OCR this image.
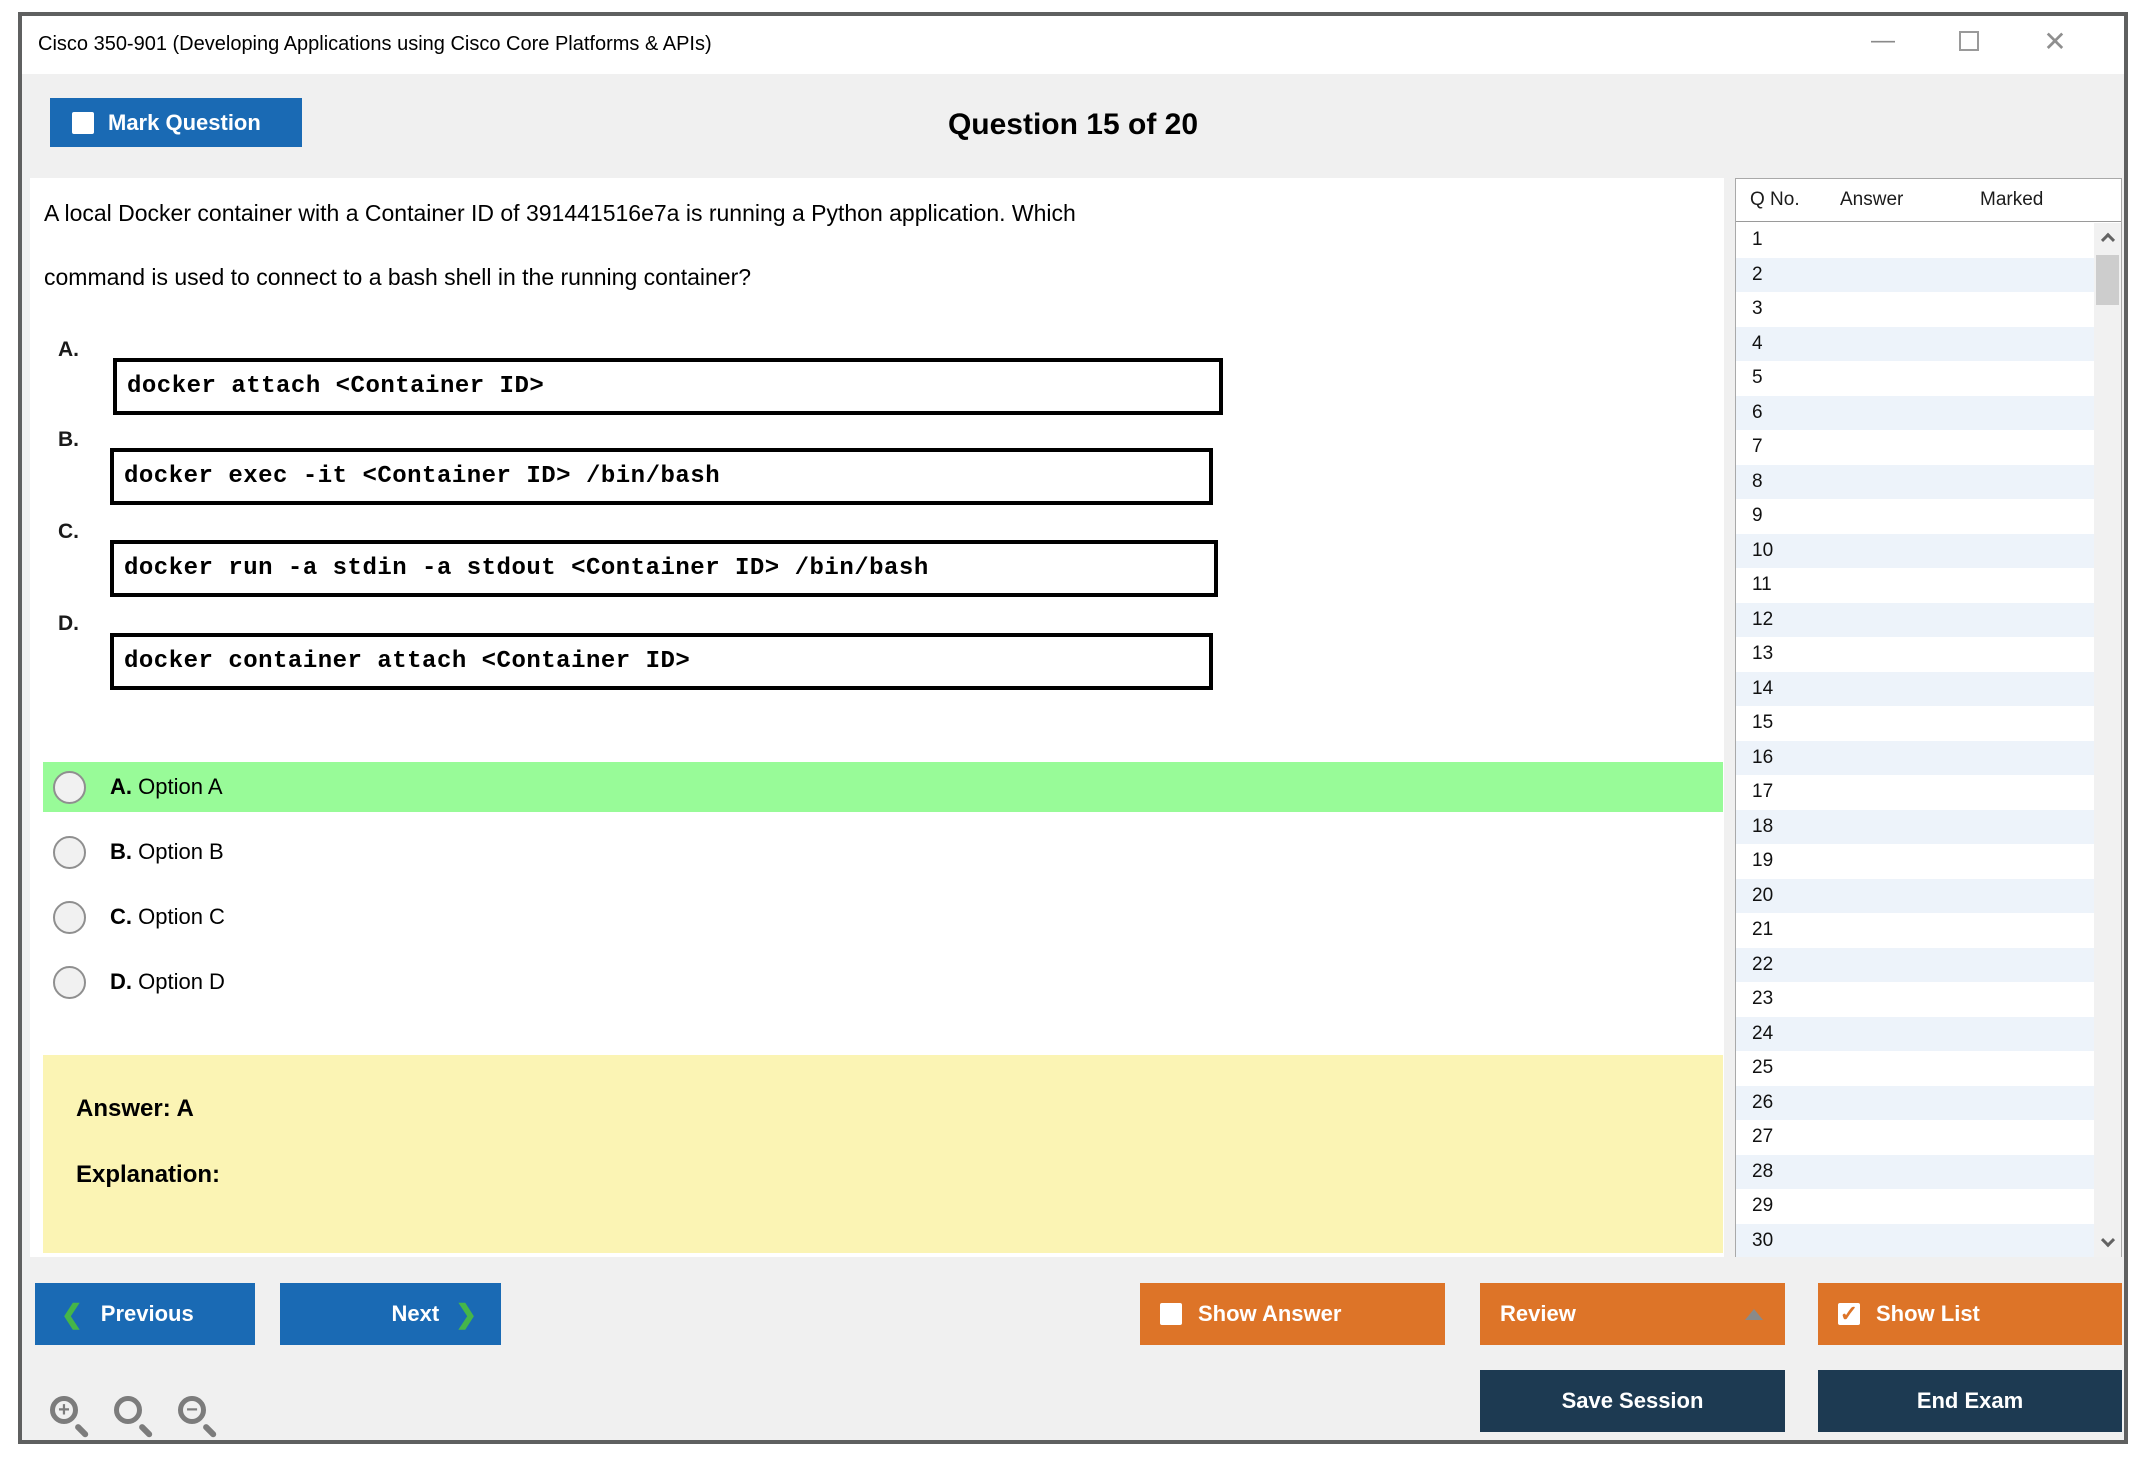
Cisco 350-901 (Developing Applications using Cisco Core Platforms & APIs)	—	✕
Mark Question	Question 15 of 20
A local Docker container with a Container ID of 391441516e7a is running a Python application. Which
command is used to connect to a bash shell in the running container?
A.
docker attach <Container ID>
B.
docker exec -it <Container ID> /bin/bash
C.
docker run -a stdin -a stdout <Container ID> /bin/bash
D.
docker container attach <Container ID>
A. Option A
B. Option B
C. Option C
D. Option D
Answer: A
Explanation:
Q No.	Answer	Marked
1
2
3
4
5
6
7
8
9
10
11
12
13
14
15
16
17
18
19
20
21
22
23
24
25
26
27
28
29
30
❮ Previous	Next ❯	Show Answer	Review	✓ Show List
Save Session	End Exam
+	−
